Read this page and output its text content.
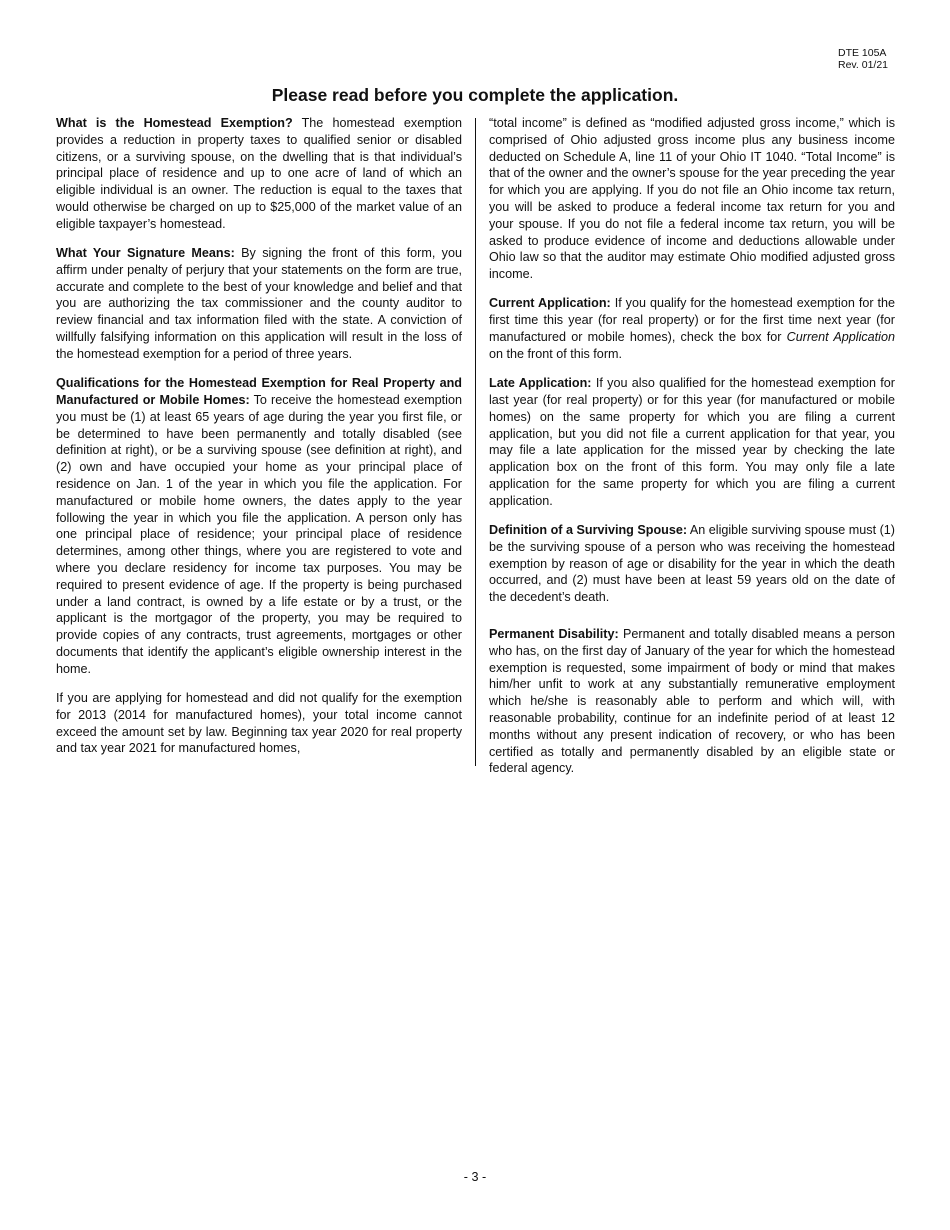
DTE 105A
Rev. 01/21
Please read before you complete the application.

What is the Homestead Exemption? The homestead exemption provides a reduction in property taxes to qualified senior or disabled citizens, or a surviving spouse, on the dwelling that is that individual’s principal place of residence and up to one acre of land of which an eligible individual is an owner. The reduction is equal to the taxes that would otherwise be charged on up to $25,000 of the market value of an eligible taxpayer’s homestead.

What Your Signature Means: By signing the front of this form, you affirm under penalty of perjury that your statements on the form are true, accurate and complete to the best of your knowledge and belief and that you are authorizing the tax commissioner and the county auditor to review financial and tax information filed with the state. A conviction of willfully falsifying information on this application will result in the loss of the homestead exemption for a period of three years.

Qualifications for the Homestead Exemption for Real Property and Manufactured or Mobile Homes: To receive the homestead exemption you must be (1) at least 65 years of age during the year you first file, or be determined to have been permanently and totally disabled (see definition at right), or be a surviving spouse (see definition at right), and (2) own and have occupied your home as your principal place of residence on Jan. 1 of the year in which you file the application. For manufactured or mobile home owners, the dates apply to the year following the year in which you file the application. A person only has one principal place of residence; your principal place of residence determines, among other things, where you are registered to vote and where you declare residency for income tax purposes. You may be required to present evidence of age. If the property is being purchased under a land contract, is owned by a life estate or by a trust, or the applicant is the mortgagor of the property, you may be required to provide copies of any contracts, trust agreements, mortgages or other documents that identify the applicant’s eligible ownership interest in the home.

If you are applying for homestead and did not qualify for the exemption for 2013 (2014 for manufactured homes), your total income cannot exceed the amount set by law. Beginning tax year 2020 for real property and tax year 2021 for manufactured homes,

“total income” is defined as “modified adjusted gross income,” which is comprised of Ohio adjusted gross income plus any business income deducted on Schedule A, line 11 of your Ohio IT 1040. “Total Income” is that of the owner and the owner’s spouse for the year preceding the year for which you are applying. If you do not file an Ohio income tax return, you will be asked to produce a federal income tax return for you and your spouse. If you do not file a federal income tax return, you will be asked to produce evidence of income and deductions allowable under Ohio law so that the auditor may estimate Ohio modified adjusted gross income.

Current Application: If you qualify for the homestead exemption for the first time this year (for real property) or for the first time next year (for manufactured or mobile homes), check the box for Current Application on the front of this form.

Late Application: If you also qualified for the homestead exemption for last year (for real property) or for this year (for manufactured or mobile homes) on the same property for which you are filing a current application, but you did not file a current application for that year, you may file a late application for the missed year by checking the late application box on the front of this form. You may only file a late application for the same property for which you are filing a current application.

Definition of a Surviving Spouse: An eligible surviving spouse must (1) be the surviving spouse of a person who was receiving the homestead exemption by reason of age or disability for the year in which the death occurred, and (2) must have been at least 59 years old on the date of the decedent’s death.

Permanent Disability: Permanent and totally disabled means a person who has, on the first day of January of the year for which the homestead exemption is requested, some impairment of body or mind that makes him/her unfit to work at any substantially remunerative employment which he/she is reasonably able to perform and which will, with reasonable probability, continue for an indefinite period of at least 12 months without any present indication of recovery, or who has been certified as totally and permanently disabled by an eligible state or federal agency.

- 3 -
